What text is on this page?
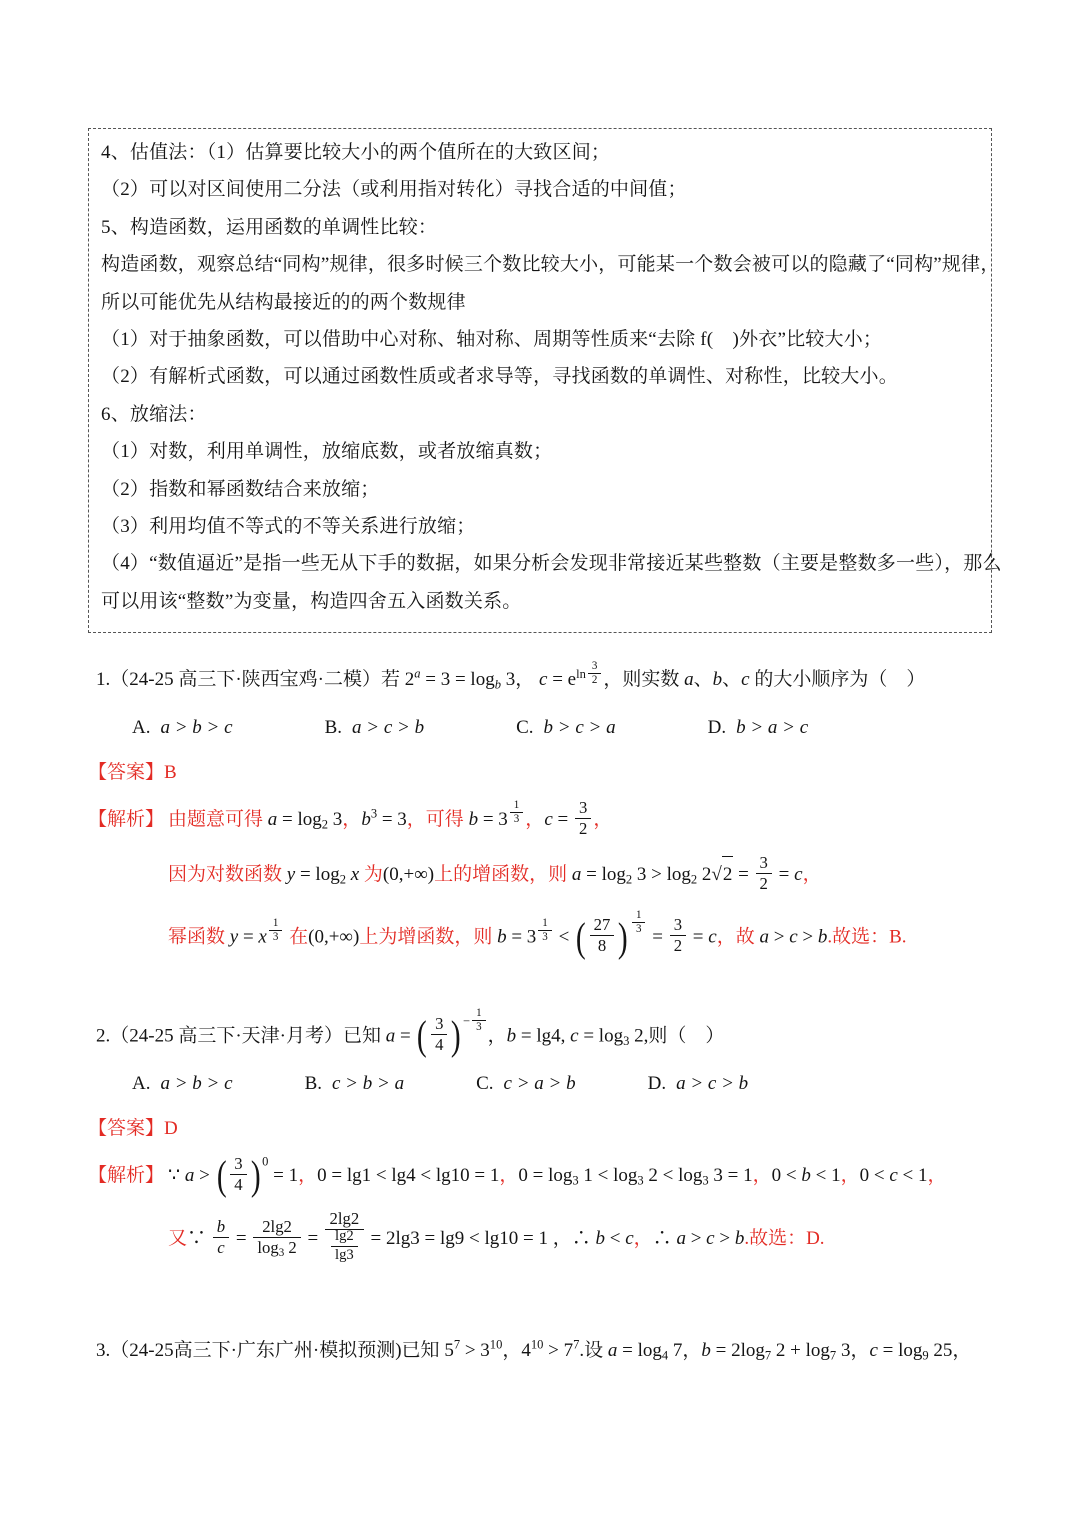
4、估值法：（1）估算要比较大小的两个值所在的大致区间；

（2）可以对区间使用二分法（或利用指对转化）寻找合适的中间值；

5、构造函数，运用函数的单调性比较：

构造函数，观察总结“同构”规律，很多时候三个数比较大小，可能某一个数会被可以的隐藏了“同构”规律，

所以可能优先从结构最接近的的两个数规律

（1）对于抽象函数，可以借助中心对称、轴对称、周期等性质来“去除 f(　)外衣”比较大小；

（2）有解析式函数，可以通过函数性质或者求导等，寻找函数的单调性、对称性，比较大小。

6、放缩法：

（1）对数，利用单调性，放缩底数，或者放缩真数；

（2）指数和幂函数结合来放缩；

（3）利用均值不等式的不等关系进行放缩；

（4）“数值逼近”是指一些无从下手的数据，如果分析会发现非常接近某些整数（主要是整数多一些），那么

可以用该“整数”为变量，构造四舍五入函数关系。

1.（24-25 高三下·陕西宝鸡·二模）若 $2^a = 3 = \log_b 3$， $c = e^{ln \frac{3}{2}}$ ，则实数 a、b、c 的大小顺序为（　）
A. a > b > c	B. a > c > b	C. b > c > a	D. b > a > c
【答案】B
【解析】 由题意可得 $a = \log_2 3$，$b^3 = 3$，可得 b = 3 $^{\frac{1}{3}}$ ，$c = \frac{3}{2}$ ，
因为对数函数 $y = \log_2 x$ 为(0,+∞)上的增函数，则 $a = \log_2 3 > \log_2 2$ √ $2 = \frac{3}{2} = c$，
幂函数 y = x $^{\frac{1}{3}}$ 在(0,+∞)上为增函数，则 b = 3 $^{\frac{1}{3}}$ < ( 27
8 ) $^{\frac{1}{3}}$
= $\frac{3}{2} = c$，故 a > c > b.故选：B.
2.（24-25 高三下·天津·月考）已知 a = ( 3
4 ) $^{- \frac{1}{3}}$
，b = lg4, $c = \log_3 2$,则（　）
A. a > b > c	B. c > b > a	C. c > a > b	D. a > c > b
【答案】D
【解析】 ∵ a > ( 3
4 ) $^0$ = 1，0 = lg1 < lg4 < lg10 = 1，$0 = \log_3 1 < \log_3 2 < \log_3 3 = 1$，0 < b < 1，0 < c < 1，
又∵ $\frac{b}{c} = \frac{2\lg 2}{\log_3 2} = \frac{2\lg 2}{\frac{\lg 2}{\lg 3}} = 2\lg 3 = \lg 9 < \lg 10 = 1$ ，∴ b < c，∴ a > c > b.故选：D.
3.（24-25高三下·广东广州·模拟预测)已知 $5^7 > 3^{10}$，$4^{10} > 7^7$.设 $a = \log_4 7$，$b = 2\log_7$ $2 + \log_7 3$，$c = \log_9 25$，
